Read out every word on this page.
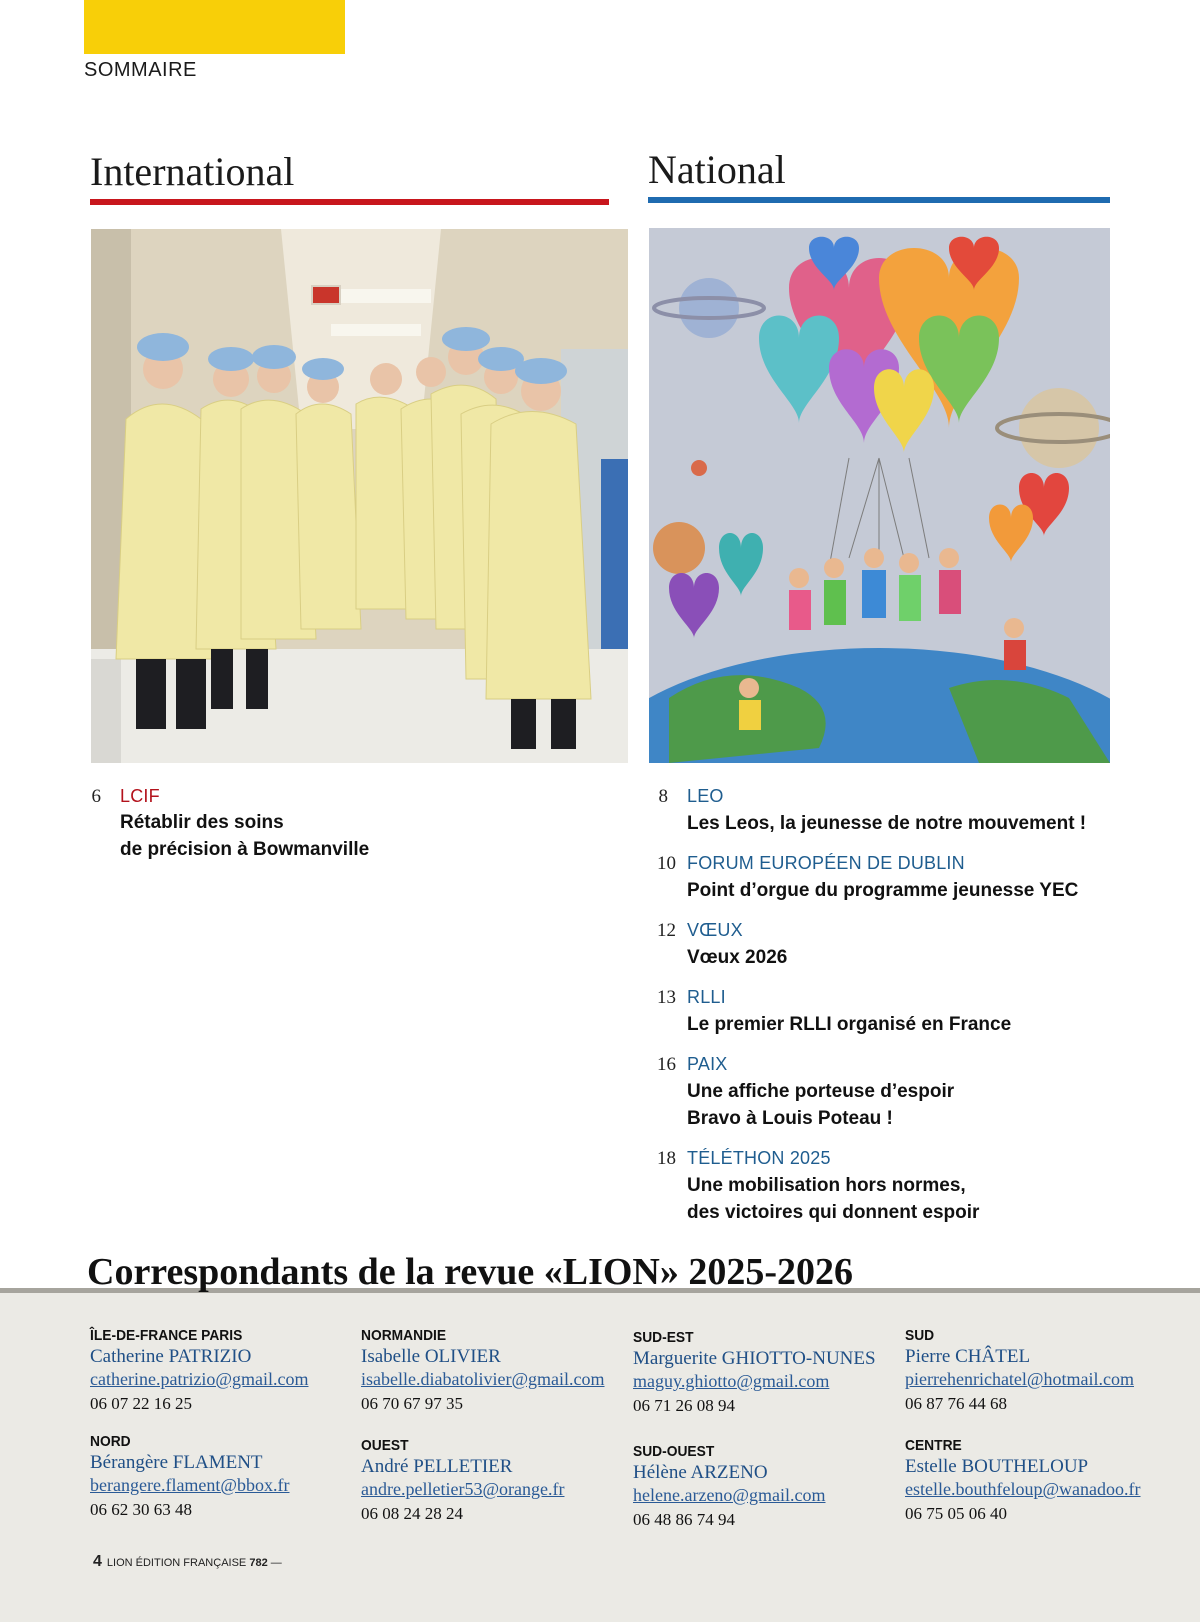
SOMMAIRE
International	National
6 LCIF
Rétablir des soins
de précision à Bowmanville
8 LEO
Les Leos, la jeunesse de notre mouvement !
10 FORUM EUROPÉEN DE DUBLIN
Point d’orgue du programme jeunesse YEC
12 VŒUX
Vœux 2026
13 RLLI
Le premier RLLI organisé en France
16 PAIX
Une affiche porteuse d’espoir
Bravo à Louis Poteau !
18 TÉLÉTHON 2025
Une mobilisation hors normes,
des victoires qui donnent espoir
Correspondants de la revue «LION» 2025-2026
ÎLE-DE-FRANCE PARIS
Catherine PATRIZIO
catherine.patrizio@gmail.com
06 07 22 16 25
NORD
Bérangère FLAMENT
berangere.flament@bbox.fr
06 62 30 63 48
NORMANDIE
Isabelle OLIVIER
isabelle.diabatolivier@gmail.com
06 70 67 97 35
OUEST
André PELLETIER
andre.pelletier53@orange.fr
06 08 24 28 24
SUD-EST
Marguerite GHIOTTO-NUNES
maguy.ghiotto@gmail.com
06 71 26 08 94
SUD-OUEST
Hélène ARZENO
helene.arzeno@gmail.com
06 48 86 74 94
SUD
Pierre CHÂTEL
pierrehenrichatel@hotmail.com
06 87 76 44 68
CENTRE
Estelle BOUTHELOUP
estelle.bouthfeloup@wanadoo.fr
06 75 05 06 40
4 LION ÉDITION FRANÇAISE 782 —
